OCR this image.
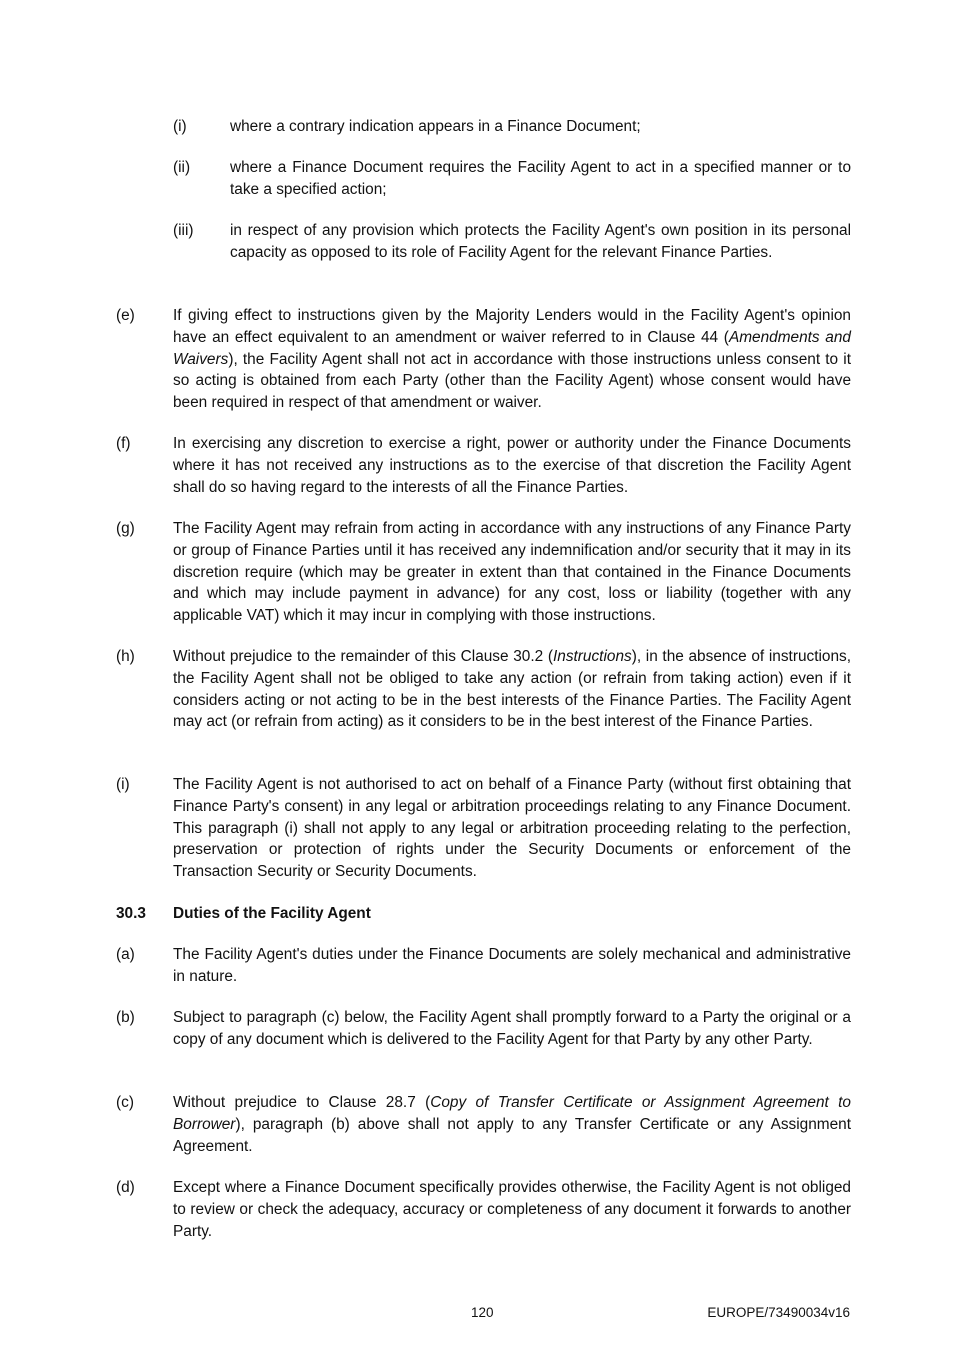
(i)	where a contrary indication appears in a Finance Document;
(ii)	where a Finance Document requires the Facility Agent to act in a specified manner or to take a specified action;
(iii) in respect of any provision which protects the Facility Agent's own position in its personal capacity as opposed to its role of Facility Agent for the relevant Finance Parties.
(e) If giving effect to instructions given by the Majority Lenders would in the Facility Agent's opinion have an effect equivalent to an amendment or waiver referred to in Clause 44 (Amendments and Waivers), the Facility Agent shall not act in accordance with those instructions unless consent to it so acting is obtained from each Party (other than the Facility Agent) whose consent would have been required in respect of that amendment or waiver.
(f)	In exercising any discretion to exercise a right, power or authority under the Finance Documents where it has not received any instructions as to the exercise of that discretion the Facility Agent shall do so having regard to the interests of all the Finance Parties.
(g) The Facility Agent may refrain from acting in accordance with any instructions of any Finance Party or group of Finance Parties until it has received any indemnification and/or security that it may in its discretion require (which may be greater in extent than that contained in the Finance Documents and which may include payment in advance) for any cost, loss or liability (together with any applicable VAT) which it may incur in complying with those instructions.
(h) Without prejudice to the remainder of this Clause 30.2 (Instructions), in the absence of instructions, the Facility Agent shall not be obliged to take any action (or refrain from taking action) even if it considers acting or not acting to be in the best interests of the Finance Parties. The Facility Agent may act (or refrain from acting) as it considers to be in the best interest of the Finance Parties.
(i)	The Facility Agent is not authorised to act on behalf of a Finance Party (without first obtaining that Finance Party's consent) in any legal or arbitration proceedings relating to any Finance Document. This paragraph (i) shall not apply to any legal or arbitration proceeding relating to the perfection, preservation or protection of rights under the Security Documents or enforcement of the Transaction Security or Security Documents.
30.3 Duties of the Facility Agent
(a) The Facility Agent's duties under the Finance Documents are solely mechanical and administrative in nature.
(b) Subject to paragraph (c) below, the Facility Agent shall promptly forward to a Party the original or a copy of any document which is delivered to the Facility Agent for that Party by any other Party.
(c)	Without prejudice to Clause 28.7 (Copy of Transfer Certificate or Assignment Agreement to Borrower), paragraph (b) above shall not apply to any Transfer Certificate or any Assignment Agreement.
(d) Except where a Finance Document specifically provides otherwise, the Facility Agent is not obliged to review or check the adequacy, accuracy or completeness of any document it forwards to another Party.
120	EUROPE/73490034v16
